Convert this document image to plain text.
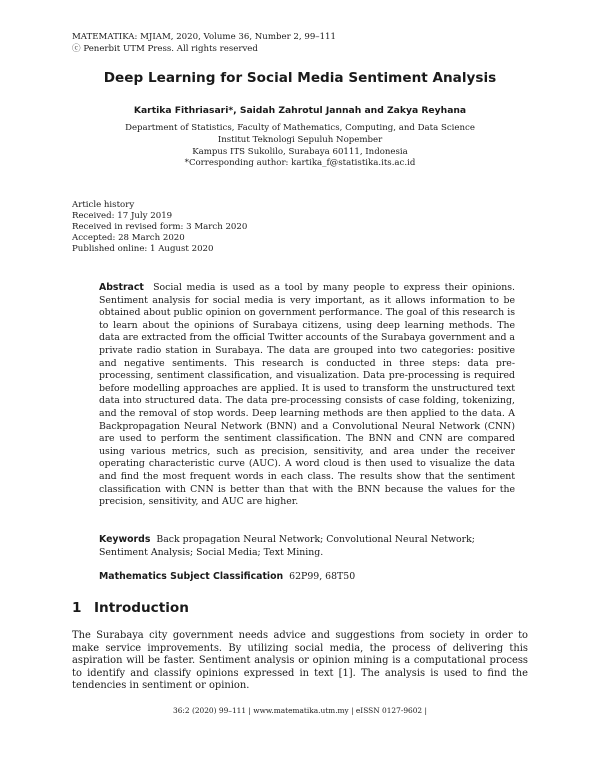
MATEMATIKA: MJIAM, 2020, Volume 36, Number 2, 99–111
ⓒ Penerbit UTM Press. All rights reserved
Deep Learning for Social Media Sentiment Analysis
Kartika Fithriasari*, Saidah Zahrotul Jannah and Zakya Reyhana
Department of Statistics, Faculty of Mathematics, Computing, and Data Science
Institut Teknologi Sepuluh Nopember
Kampus ITS Sukolilo, Surabaya 60111, Indonesia
*Corresponding author: kartika_f@statistika.its.ac.id
Article history
Received: 17 July 2019
Received in revised form: 3 March 2020
Accepted: 28 March 2020
Published online: 1 August 2020

Abstract Social media is used as a tool by many people to express their opinions. Sentiment analysis for social media is very important, as it allows information to be obtained about public opinion on government performance. The goal of this research is to learn about the opinions of Surabaya citizens, using deep learning methods. The data are extracted from the official Twitter accounts of the Surabaya government and a private radio station in Surabaya. The data are grouped into two categories: positive and negative sentiments. This research is conducted in three steps: data pre-processing, sentiment classification, and visualization. Data pre-processing is required before modelling approaches are applied. It is used to transform the unstructured text data into structured data. The data pre-processing consists of case folding, tokenizing, and the removal of stop words. Deep learning methods are then applied to the data. A Backpropagation Neural Network (BNN) and a Convolutional Neural Network (CNN) are used to perform the sentiment classification. The BNN and CNN are compared using various metrics, such as precision, sensitivity, and area under the receiver operating characteristic curve (AUC). A word cloud is then used to visualize the data and find the most frequent words in each class. The results show that the sentiment classification with CNN is better than that with the BNN because the values for the precision, sensitivity, and AUC are higher.

Keywords Back propagation Neural Network; Convolutional Neural Network; Sentiment Analysis; Social Media; Text Mining.

Mathematics Subject Classification 62P99, 68T50

1 Introduction

The Surabaya city government needs advice and suggestions from society in order to make service improvements. By utilizing social media, the process of delivering this aspiration will be faster. Sentiment analysis or opinion mining is a computational process to identify and classify opinions expressed in text [1]. The analysis is used to find the tendencies in sentiment or opinion.

36:2 (2020) 99–111 | www.matematika.utm.my | eISSN 0127-9602 |
